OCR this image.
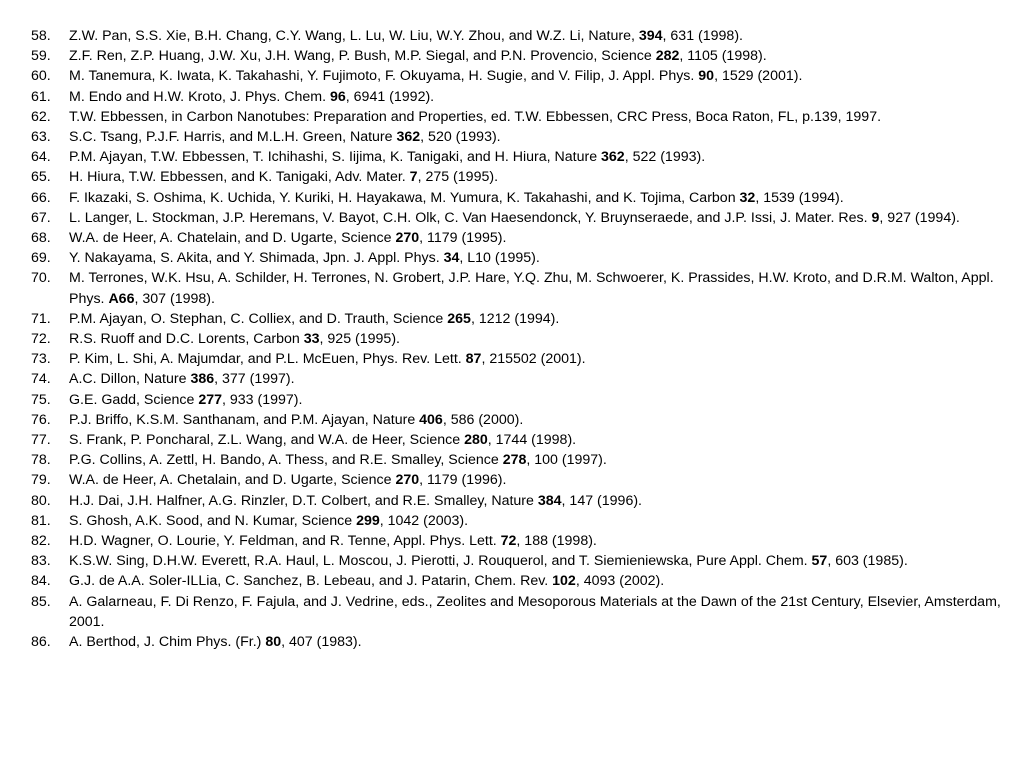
58. Z.W. Pan, S.S. Xie, B.H. Chang, C.Y. Wang, L. Lu, W. Liu, W.Y. Zhou, and W.Z. Li, Nature, 394, 631 (1998).
59. Z.F. Ren, Z.P. Huang, J.W. Xu, J.H. Wang, P. Bush, M.P. Siegal, and P.N. Provencio, Science 282, 1105 (1998).
60. M. Tanemura, K. Iwata, K. Takahashi, Y. Fujimoto, F. Okuyama, H. Sugie, and V. Filip, J. Appl. Phys. 90, 1529 (2001).
61. M. Endo and H.W. Kroto, J. Phys. Chem. 96, 6941 (1992).
62. T.W. Ebbessen, in Carbon Nanotubes: Preparation and Properties, ed. T.W. Ebbessen, CRC Press, Boca Raton, FL, p.139, 1997.
63. S.C. Tsang, P.J.F. Harris, and M.L.H. Green, Nature 362, 520 (1993).
64. P.M. Ajayan, T.W. Ebbessen, T. Ichihashi, S. Iijima, K. Tanigaki, and H. Hiura, Nature 362, 522 (1993).
65. H. Hiura, T.W. Ebbessen, and K. Tanigaki, Adv. Mater. 7, 275 (1995).
66. F. Ikazaki, S. Oshima, K. Uchida, Y. Kuriki, H. Hayakawa, M. Yumura, K. Takahashi, and K. Tojima, Carbon 32, 1539 (1994).
67. L. Langer, L. Stockman, J.P. Heremans, V. Bayot, C.H. Olk, C. Van Haesendonck, Y. Bruynseraede, and J.P. Issi, J. Mater. Res. 9, 927 (1994).
68. W.A. de Heer, A. Chatelain, and D. Ugarte, Science 270, 1179 (1995).
69. Y. Nakayama, S. Akita, and Y. Shimada, Jpn. J. Appl. Phys. 34, L10 (1995).
70. M. Terrones, W.K. Hsu, A. Schilder, H. Terrones, N. Grobert, J.P. Hare, Y.Q. Zhu, M. Schwoerer, K. Prassides, H.W. Kroto, and D.R.M. Walton, Appl. Phys. A66, 307 (1998).
71. P.M. Ajayan, O. Stephan, C. Colliex, and D. Trauth, Science 265, 1212 (1994).
72. R.S. Ruoff and D.C. Lorents, Carbon 33, 925 (1995).
73. P. Kim, L. Shi, A. Majumdar, and P.L. McEuen, Phys. Rev. Lett. 87, 215502 (2001).
74. A.C. Dillon, Nature 386, 377 (1997).
75. G.E. Gadd, Science 277, 933 (1997).
76. P.J. Briffo, K.S.M. Santhanam, and P.M. Ajayan, Nature 406, 586 (2000).
77. S. Frank, P. Poncharal, Z.L. Wang, and W.A. de Heer, Science 280, 1744 (1998).
78. P.G. Collins, A. Zettl, H. Bando, A. Thess, and R.E. Smalley, Science 278, 100 (1997).
79. W.A. de Heer, A. Chetalain, and D. Ugarte, Science 270, 1179 (1996).
80. H.J. Dai, J.H. Halfner, A.G. Rinzler, D.T. Colbert, and R.E. Smalley, Nature 384, 147 (1996).
81. S. Ghosh, A.K. Sood, and N. Kumar, Science 299, 1042 (2003).
82. H.D. Wagner, O. Lourie, Y. Feldman, and R. Tenne, Appl. Phys. Lett. 72, 188 (1998).
83. K.S.W. Sing, D.H.W. Everett, R.A. Haul, L. Moscou, J. Pierotti, J. Rouquerol, and T. Siemieniewska, Pure Appl. Chem. 57, 603 (1985).
84. G.J. de A.A. Soler-ILLia, C. Sanchez, B. Lebeau, and J. Patarin, Chem. Rev. 102, 4093 (2002).
85. A. Galarneau, F. Di Renzo, F. Fajula, and J. Vedrine, eds., Zeolites and Mesoporous Materials at the Dawn of the 21st Century, Elsevier, Amsterdam, 2001.
86. A. Berthod, J. Chim Phys. (Fr.) 80, 407 (1983).
